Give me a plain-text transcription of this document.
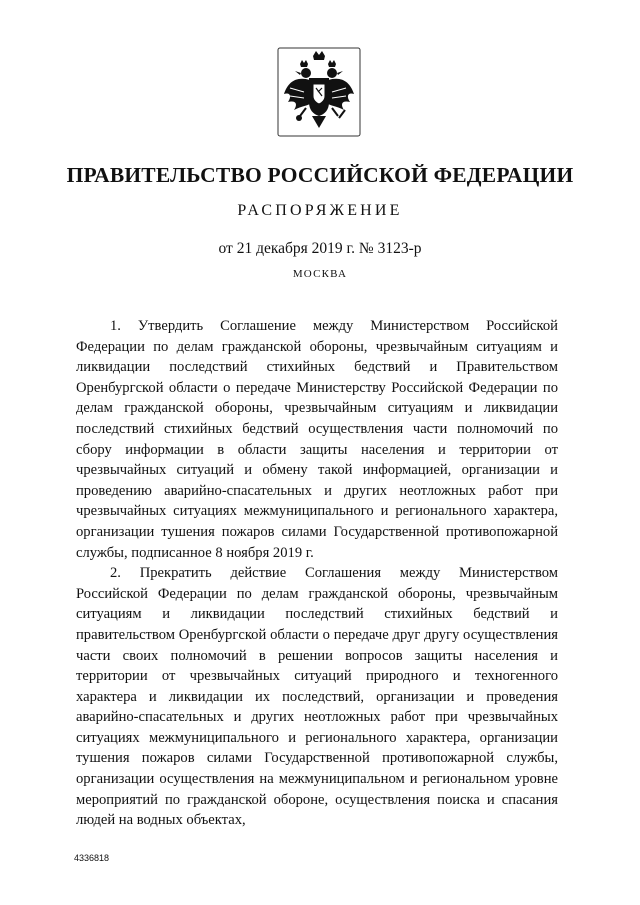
ПРАВИТЕЛЬСТВО РОССИЙСКОЙ ФЕДЕРАЦИИ
РАСПОРЯЖЕНИЕ
от 21 декабря 2019 г. № 3123-р
МОСКВА

1. Утвердить Соглашение между Министерством Российской Федерации по делам гражданской обороны, чрезвычайным ситуациям и ликвидации последствий стихийных бедствий и Правительством Оренбургской области о передаче Министерству Российской Федерации по делам гражданской обороны, чрезвычайным ситуациям и ликвидации последствий стихийных бедствий осуществления части полномочий по сбору информации в области защиты населения и территории от чрезвычайных ситуаций и обмену такой информацией, организации и проведению аварийно-спасательных и других неотложных работ при чрезвычайных ситуациях межмуниципального и регионального характера, организации тушения пожаров силами Государственной противопожарной службы, подписанное 8 ноября 2019 г.

2. Прекратить действие Соглашения между Министерством Российской Федерации по делам гражданской обороны, чрезвычайным ситуациям и ликвидации последствий стихийных бедствий и правительством Оренбургской области о передаче друг другу осуществления части своих полномочий в решении вопросов защиты населения и территории от чрезвычайных ситуаций природного и техногенного характера и ликвидации их последствий, организации и проведения аварийно-спасательных и других неотложных работ при чрезвычайных ситуациях межмуниципального и регионального характера, организации тушения пожаров силами Государственной противопожарной службы, организации осуществления на межмуниципальном и региональном уровне мероприятий по гражданской обороне, осуществления поиска и спасания людей на водных объектах,

4336818
